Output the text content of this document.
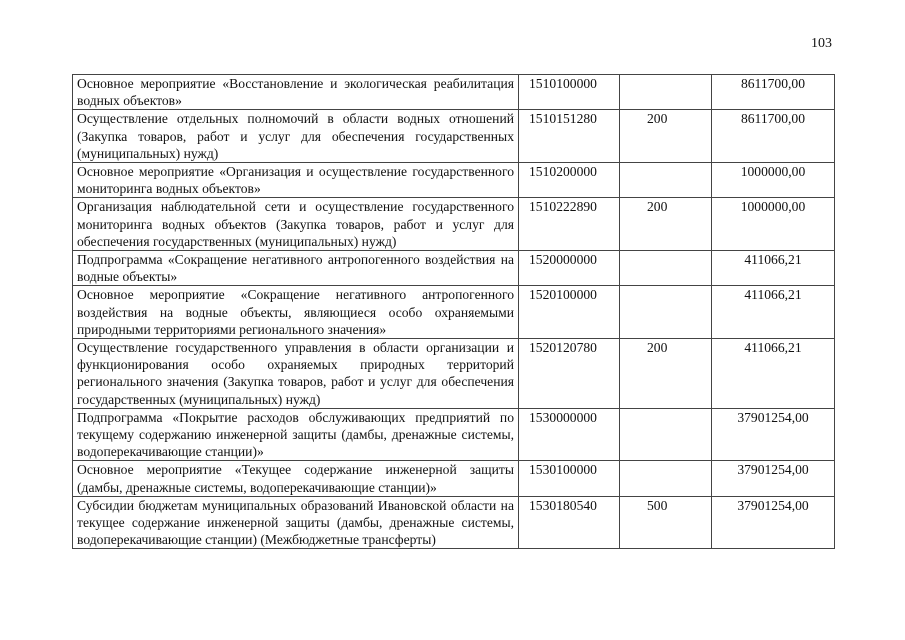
103
Основное мероприятие «Восстановление и экологическая реабилитация водных объектов»	1510100000		8611700,00
Осуществление отдельных полномочий в области водных отношений (Закупка товаров, работ и услуг для обеспечения государственных (муниципальных) нужд)	1510151280	200	8611700,00
Основное мероприятие «Организация и осуществление государственного мониторинга водных объектов»	1510200000		1000000,00
Организация наблюдательной сети и осуществление государственного мониторинга водных объектов (Закупка товаров, работ и услуг для обеспечения государственных (муниципальных) нужд)	1510222890	200	1000000,00
Подпрограмма «Сокращение негативного антропогенного воздействия на водные объекты»	1520000000		411066,21
Основное мероприятие «Сокращение негативного антропогенного воздействия на водные объекты, являющиеся особо охраняемыми природными территориями регионального значения»	1520100000		411066,21
Осуществление государственного управления в области организации и функционирования особо охраняемых природных территорий регионального значения (Закупка товаров, работ и услуг для обеспечения государственных (муниципальных) нужд)	1520120780	200	411066,21
Подпрограмма «Покрытие расходов обслуживающих предприятий по текущему содержанию инженерной защиты (дамбы, дренажные системы, водоперекачивающие станции)»	1530000000		37901254,00
Основное мероприятие «Текущее содержание инженерной защиты (дамбы, дренажные системы, водоперекачивающие станции)»	1530100000		37901254,00
Субсидии бюджетам муниципальных образований Ивановской области на текущее содержание инженерной защиты (дамбы, дренажные системы, водоперекачивающие станции) (Межбюджетные трансферты)	1530180540	500	37901254,00
